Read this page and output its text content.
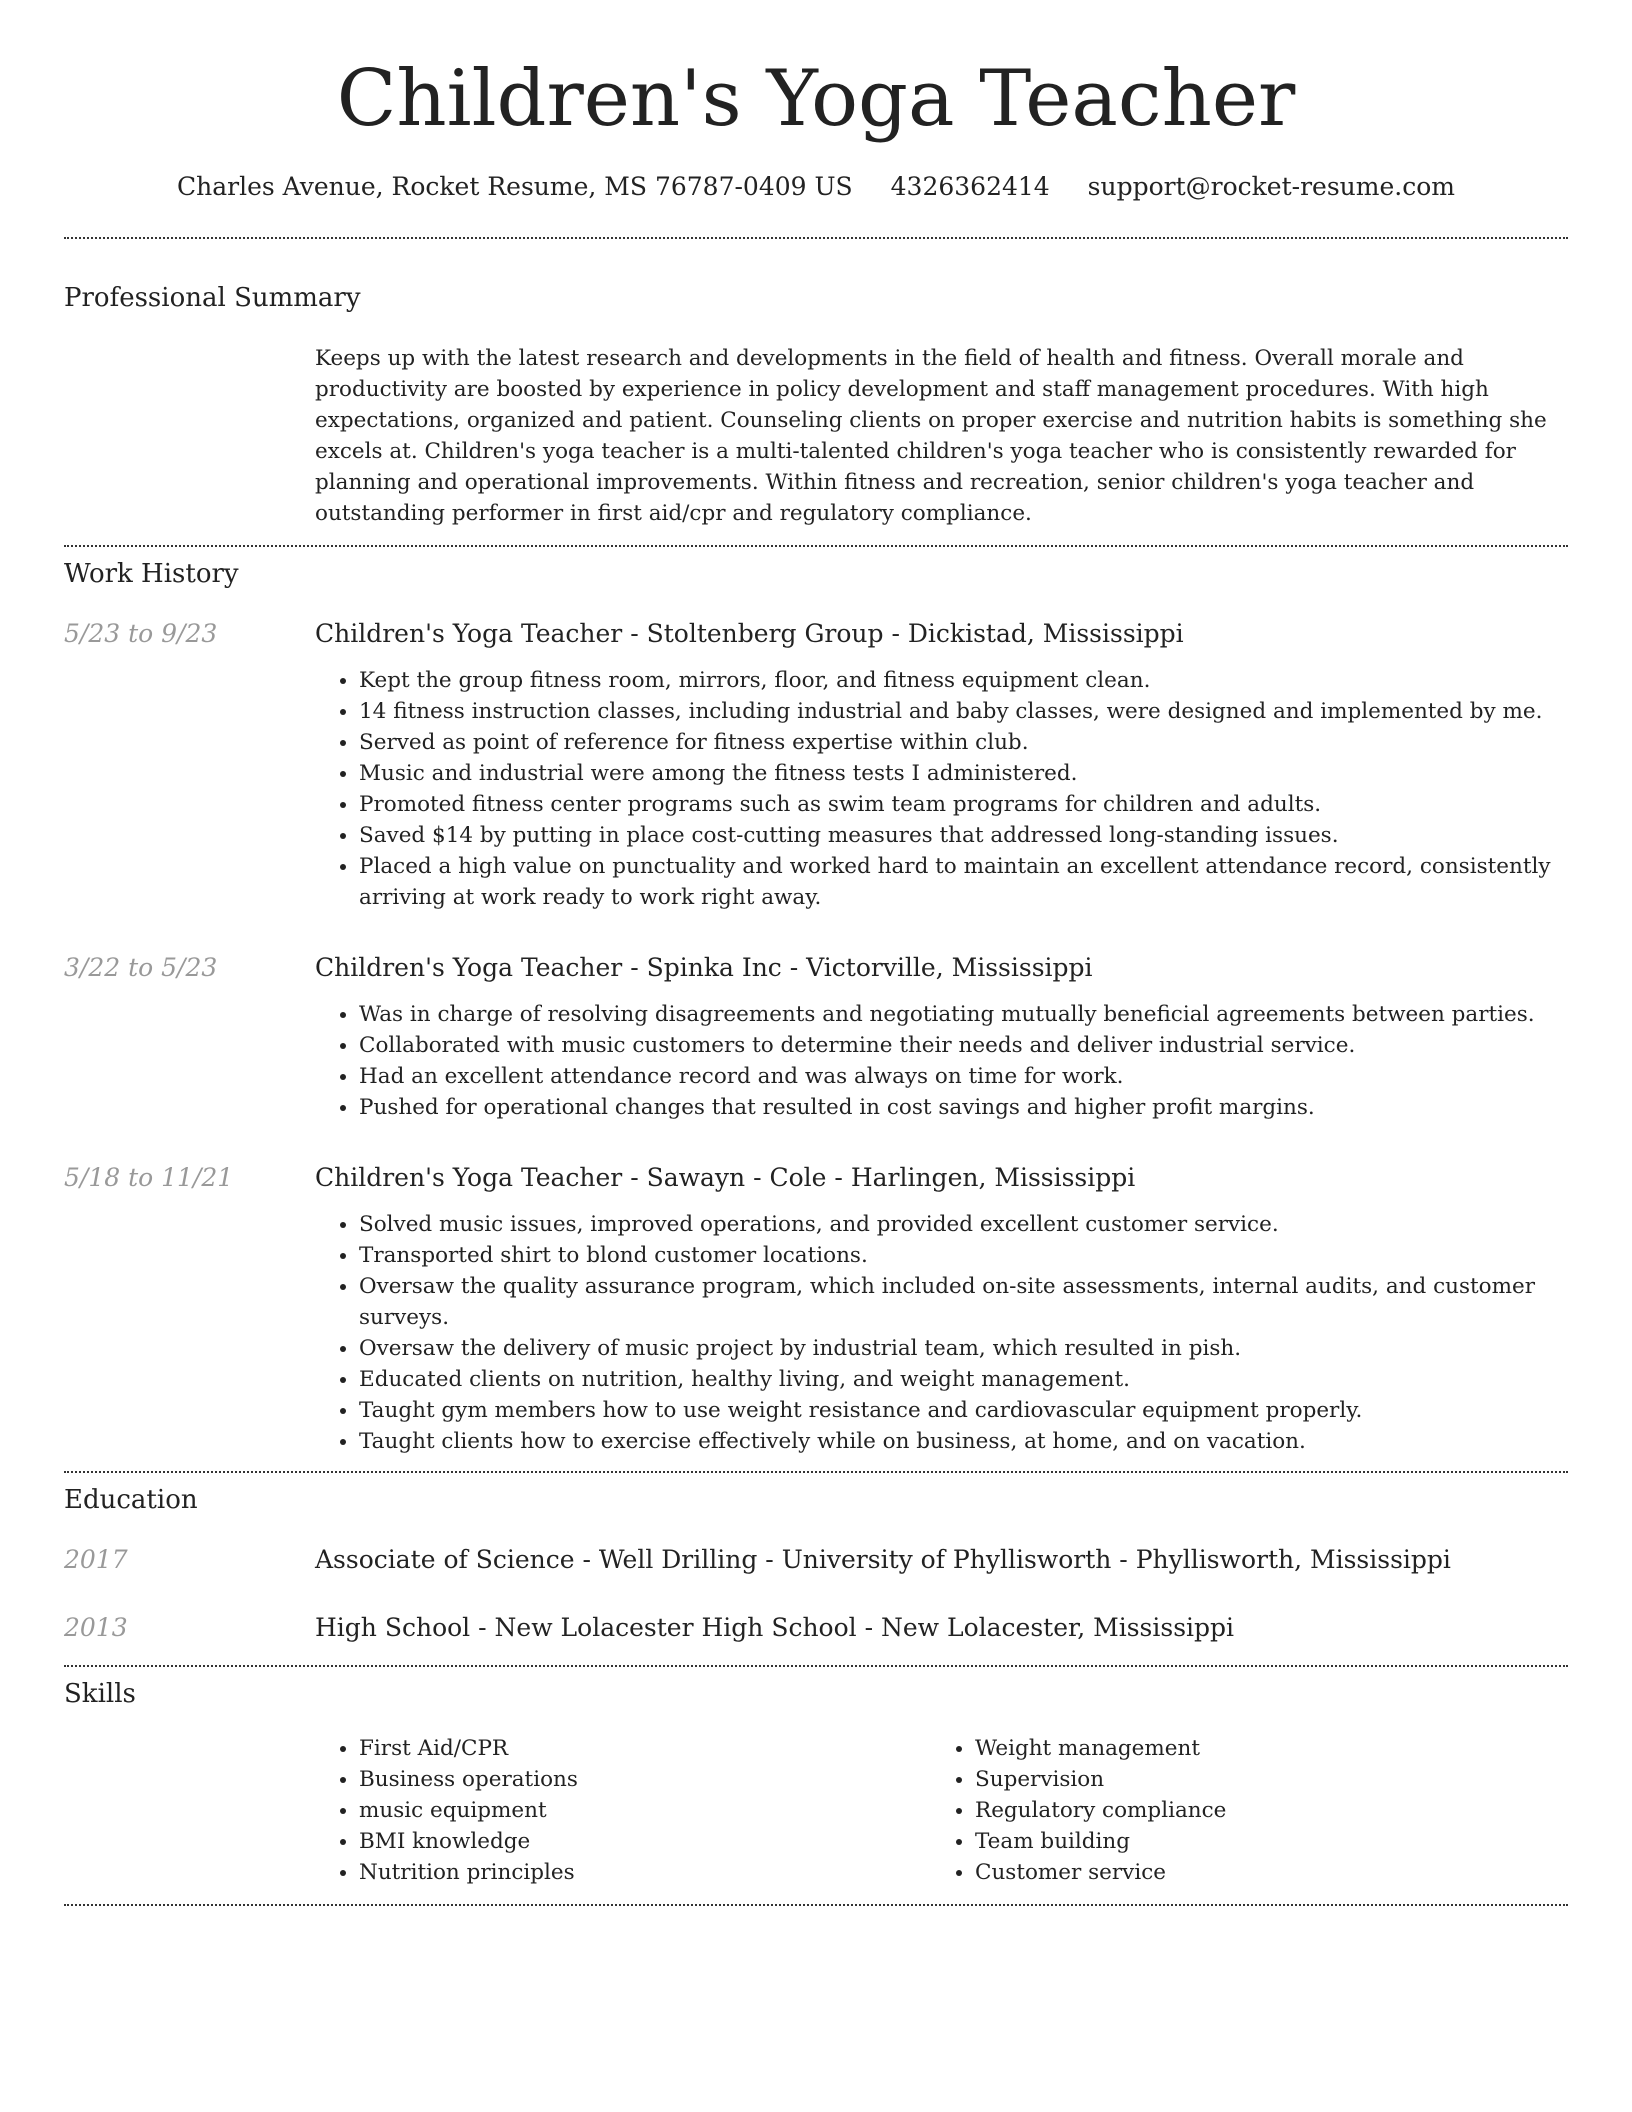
Children's Yoga Teacher
Charles Avenue, Rocket Resume, MS 76787-0409 US 4326362414 support@rocket-resume.com
Professional Summary
Keeps up with the latest research and developments in the field of health and fitness. Overall morale and productivity are boosted by experience in policy development and staff management procedures. With high expectations, organized and patient. Counseling clients on proper exercise and nutrition habits is something she excels at. Children's yoga teacher is a multi-talented children's yoga teacher who is consistently rewarded for planning and operational improvements. Within fitness and recreation, senior children's yoga teacher and outstanding performer in first aid/cpr and regulatory compliance.
Work History
5/23 to 9/23	Children's Yoga Teacher - Stoltenberg Group - Dickistad, Mississippi
• Kept the group fitness room, mirrors, floor, and fitness equipment clean.
• 14 fitness instruction classes, including industrial and baby classes, were designed and implemented by me.
• Served as point of reference for fitness expertise within club.
• Music and industrial were among the fitness tests I administered.
• Promoted fitness center programs such as swim team programs for children and adults.
• Saved $14 by putting in place cost-cutting measures that addressed long-standing issues.
• Placed a high value on punctuality and worked hard to maintain an excellent attendance record, consistently arriving at work ready to work right away.
3/22 to 5/23	Children's Yoga Teacher - Spinka Inc - Victorville, Mississippi
• Was in charge of resolving disagreements and negotiating mutually beneficial agreements between parties.
• Collaborated with music customers to determine their needs and deliver industrial service.
• Had an excellent attendance record and was always on time for work.
• Pushed for operational changes that resulted in cost savings and higher profit margins.
5/18 to 11/21	Children's Yoga Teacher - Sawayn - Cole - Harlingen, Mississippi
• Solved music issues, improved operations, and provided excellent customer service.
• Transported shirt to blond customer locations.
• Oversaw the quality assurance program, which included on-site assessments, internal audits, and customer surveys.
• Oversaw the delivery of music project by industrial team, which resulted in pish.
• Educated clients on nutrition, healthy living, and weight management.
• Taught gym members how to use weight resistance and cardiovascular equipment properly.
• Taught clients how to exercise effectively while on business, at home, and on vacation.
Education
2017	Associate of Science - Well Drilling - University of Phyllisworth - Phyllisworth, Mississippi
2013	High School - New Lolacester High School - New Lolacester, Mississippi
Skills
• First Aid/CPR
• Business operations
• music equipment
• BMI knowledge
• Nutrition principles
• Weight management
• Supervision
• Regulatory compliance
• Team building
• Customer service
